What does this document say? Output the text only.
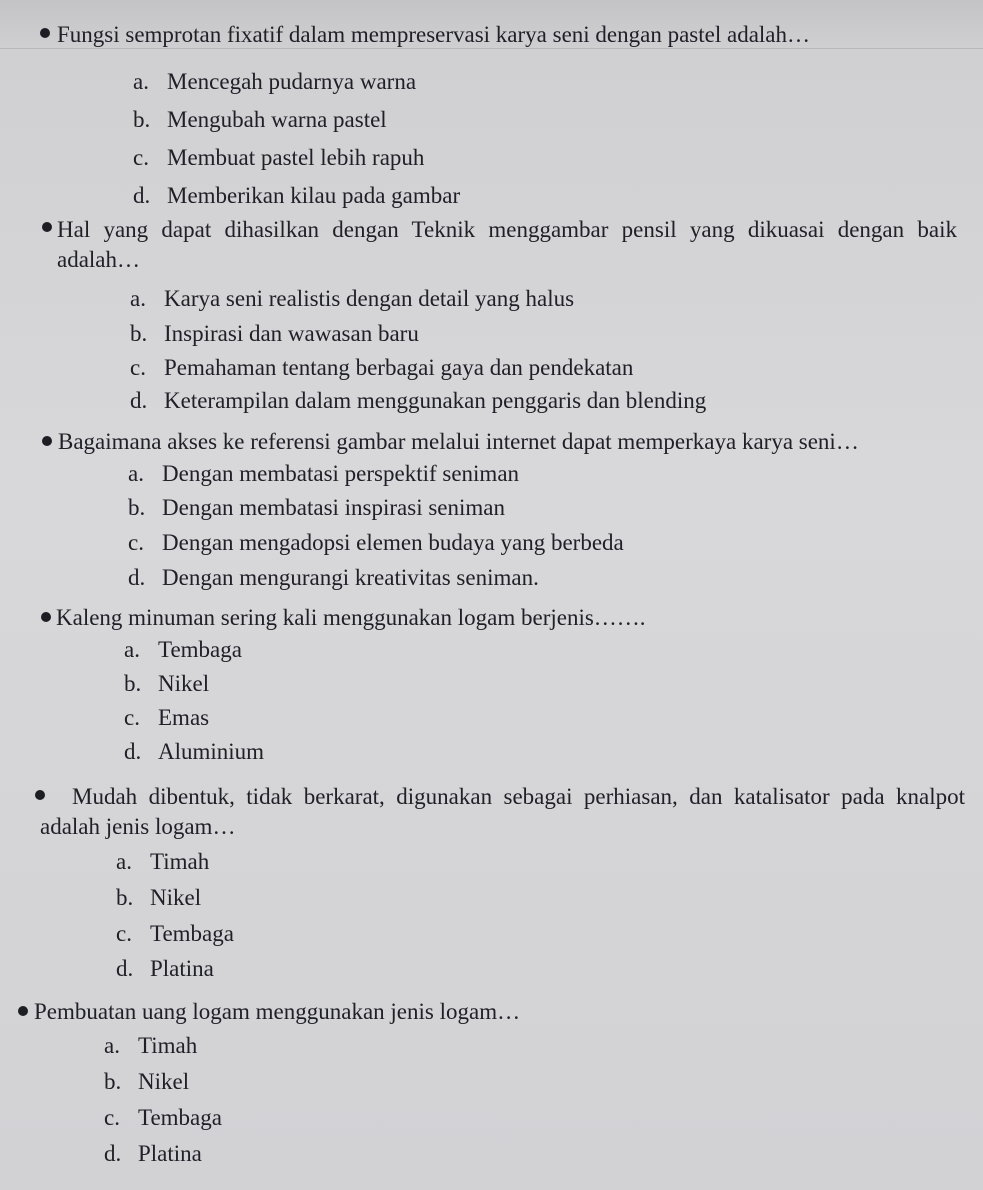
Fungsi semprotan fixatif dalam mempreservasi karya seni dengan pastel adalah…
a. Mencegah pudarnya warna
b. Mengubah warna pastel
c. Membuat pastel lebih rapuh
d. Memberikan kilau pada gambar
Hal yang dapat dihasilkan dengan Teknik menggambar pensil yang dikuasai dengan baik adalah…
a. Karya seni realistis dengan detail yang halus
b. Inspirasi dan wawasan baru
c. Pemahaman tentang berbagai gaya dan pendekatan
d. Keterampilan dalam menggunakan penggaris dan blending
Bagaimana akses ke referensi gambar melalui internet dapat memperkaya karya seni…
a. Dengan membatasi perspektif seniman
b. Dengan membatasi inspirasi seniman
c. Dengan mengadopsi elemen budaya yang berbeda
d. Dengan mengurangi kreativitas seniman.
Kaleng minuman sering kali menggunakan logam berjenis…….
a. Tembaga
b. Nikel
c. Emas
d. Aluminium
Mudah dibentuk, tidak berkarat, digunakan sebagai perhiasan, dan katalisator pada knalpot adalah jenis logam…
a. Timah
b. Nikel
c. Tembaga
d. Platina
Pembuatan uang logam menggunakan jenis logam…
a. Timah
b. Nikel
c. Tembaga
d. Platina
